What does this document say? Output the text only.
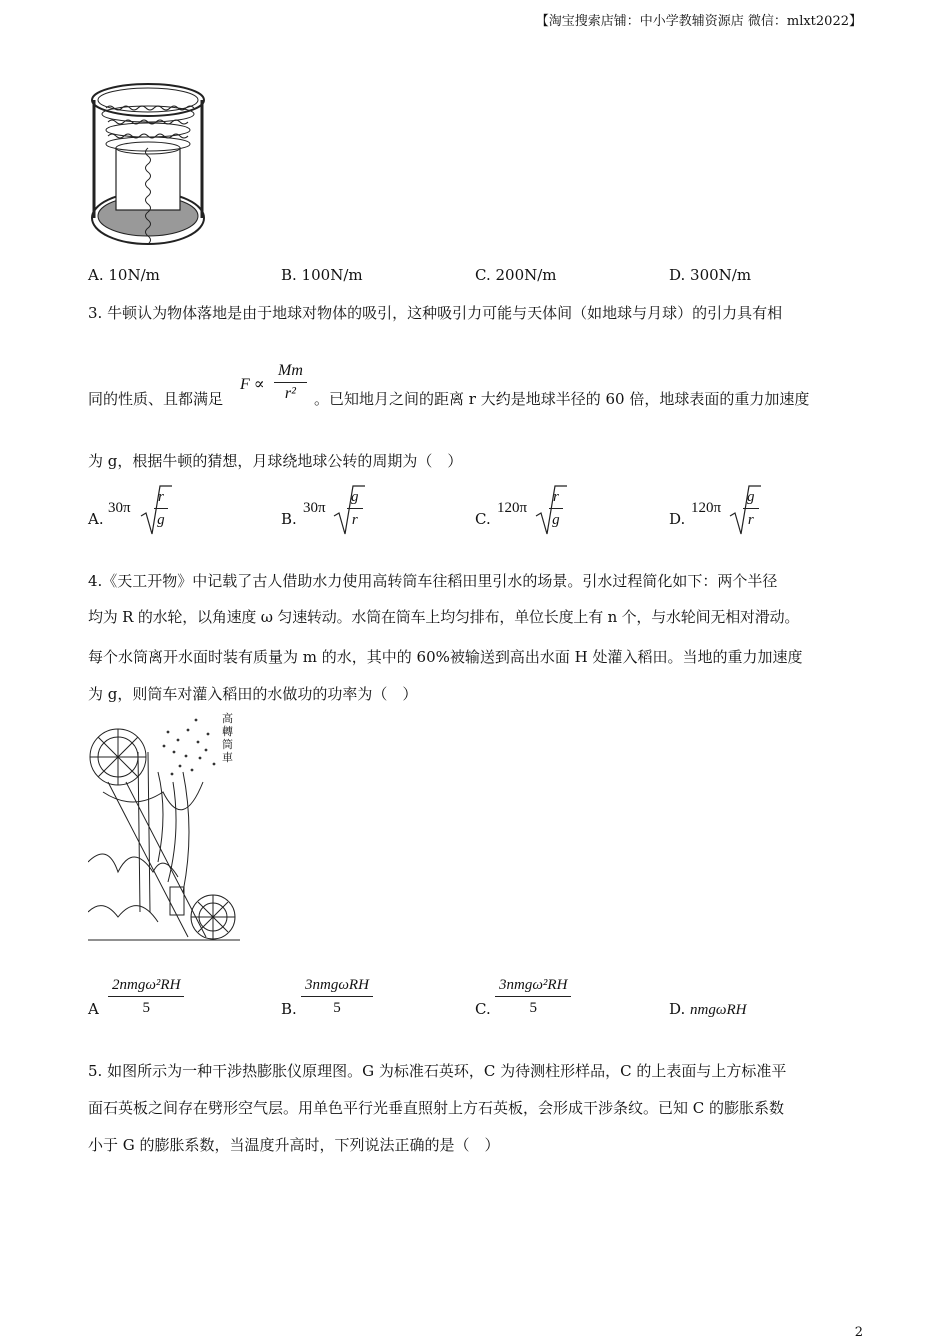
【淘宝搜索店铺：中小学教辅资源店 微信：mlxt2022】
A. 10N/m	B. 100N/m	C. 200N/m	D. 300N/m
3. 牛顿认为物体落地是由于地球对物体的吸引，这种吸引力可能与天体间（如地球与月球）的引力具有相
同的性质、且都满足
$F \propto \frac{Mm}{\text{r²}}$ 。已知地月之间的距离 r 大约是地球半径的 60 倍，地球表面的重力加速度
为 g，根据牛顿的猜想，月球绕地球公转的周期为（　）
A.
$30\pi \frac{r}{g}$	B.
$30\pi \frac{g}{r}$	C.
$120\pi \frac{r}{g}$	D.
$120\pi \frac{g}{r}$
4.《天工开物》中记载了古人借助水力使用高转筒车往稻田里引水的场景。引水过程简化如下：两个半径
均为 R 的水轮，以角速度 ω 匀速转动。水筒在筒车上均匀排布，单位长度上有 n 个，与水轮间无相对滑动。
每个水筒离开水面时装有质量为 m 的水，其中的 60%被输送到高出水面 H 处灌入稻田。当地的重力加速度
为 g，则筒车对灌入稻田的水做功的功率为（　）
高轉筒車
A
2nmgω²RH
5	B.
3nmgωRH
5	C.
3nmgω²RH
5	D. nmgωRH
5. 如图所示为一种干涉热膨胀仪原理图。G 为标准石英环，C 为待测柱形样品，C 的上表面与上方标准平
面石英板之间存在劈形空气层。用单色平行光垂直照射上方石英板，会形成干涉条纹。已知 C 的膨胀系数
小于 G 的膨胀系数，当温度升高时，下列说法正确的是（　）
2
